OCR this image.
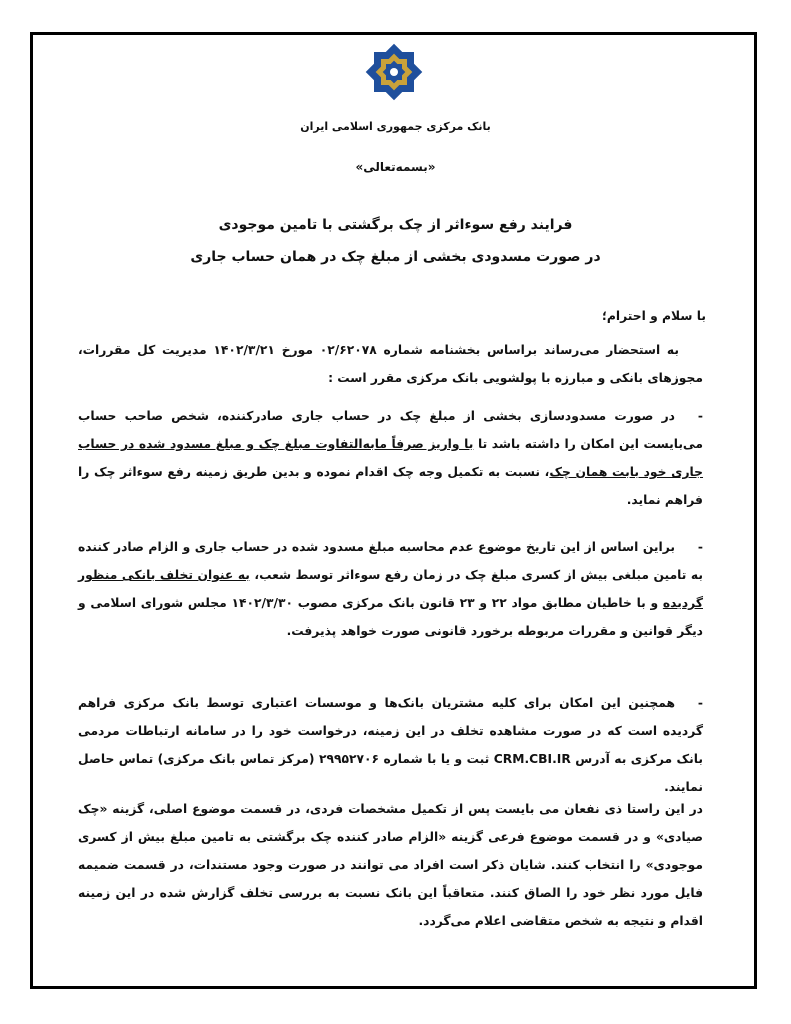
بانک مرکزی جمهوری اسلامی ایران
«بسمه‌تعالی»
فرایند رفع سوءاثر از چک برگشتی با تامین موجودی
در صورت مسدودی بخشی از مبلغ چک در همان حساب جاری
با سلام و احترام؛
به استحضار می‌رساند براساس بخشنامه شماره ۰۲/۶۲۰۷۸ مورخ ۱۴۰۲/۳/۲۱ مدیریت کل مقررات، مجوزهای بانکی و مبارزه با پولشویی بانک مرکزی مقرر است :
-در صورت مسدودسازی بخشی از مبلغ چک در حساب جاری صادرکننده، شخص صاحب حساب می‌بایست این امکان را داشته باشد تا با واریز صرفاً مابه‌التفاوت مبلغ چک و مبلغ مسدود شده در حساب جاری خود بابت همان چک، نسبت به تکمیل وجه چک اقدام نموده و بدین طریق زمینه رفع سوءاثر چک را فراهم نماید.
-براین اساس از این تاریخ موضوع عدم محاسبه مبلغ مسدود شده در حساب جاری و الزام صادر کننده به تامین مبلغی بیش از کسری مبلغ چک در زمان رفع سوءاثر توسط شعب، به عنوان تخلف بانکی منظور گردیده و با خاطیان مطابق مواد ۲۲ و ۲۳ قانون بانک مرکزی مصوب ۱۴۰۲/۳/۳۰ مجلس شورای اسلامی و دیگر قوانین و مقررات مربوطه برخورد قانونی صورت خواهد پذیرفت.
-همچنین این امکان برای کلیه مشتریان بانک‌ها و موسسات اعتباری توسط بانک مرکزی فراهم گردیده است که در صورت مشاهده تخلف در این زمینه، درخواست خود را در سامانه ارتباطات مردمی بانک مرکزی به آدرس CRM.CBI.IR ثبت و یا با شماره ۲۹۹۵۲۷۰۶ (مرکز تماس بانک مرکزی) تماس حاصل نمایند.
در این راستا ذی نفعان می بایست پس از تکمیل مشخصات فردی، در قسمت موضوع اصلی، گزینه «چک صیادی» و در قسمت موضوع فرعی گزینه «الزام صادر کننده چک برگشتی به تامین مبلغ بیش از کسری موجودی» را انتخاب کنند. شایان ذکر است افراد می توانند در صورت وجود مستندات، در قسمت ضمیمه فایل مورد نظر خود را الصاق کنند. متعاقباً این بانک نسبت به بررسی تخلف گزارش شده در این زمینه اقدام و نتیجه به شخص متقاضی اعلام می‌گردد.
